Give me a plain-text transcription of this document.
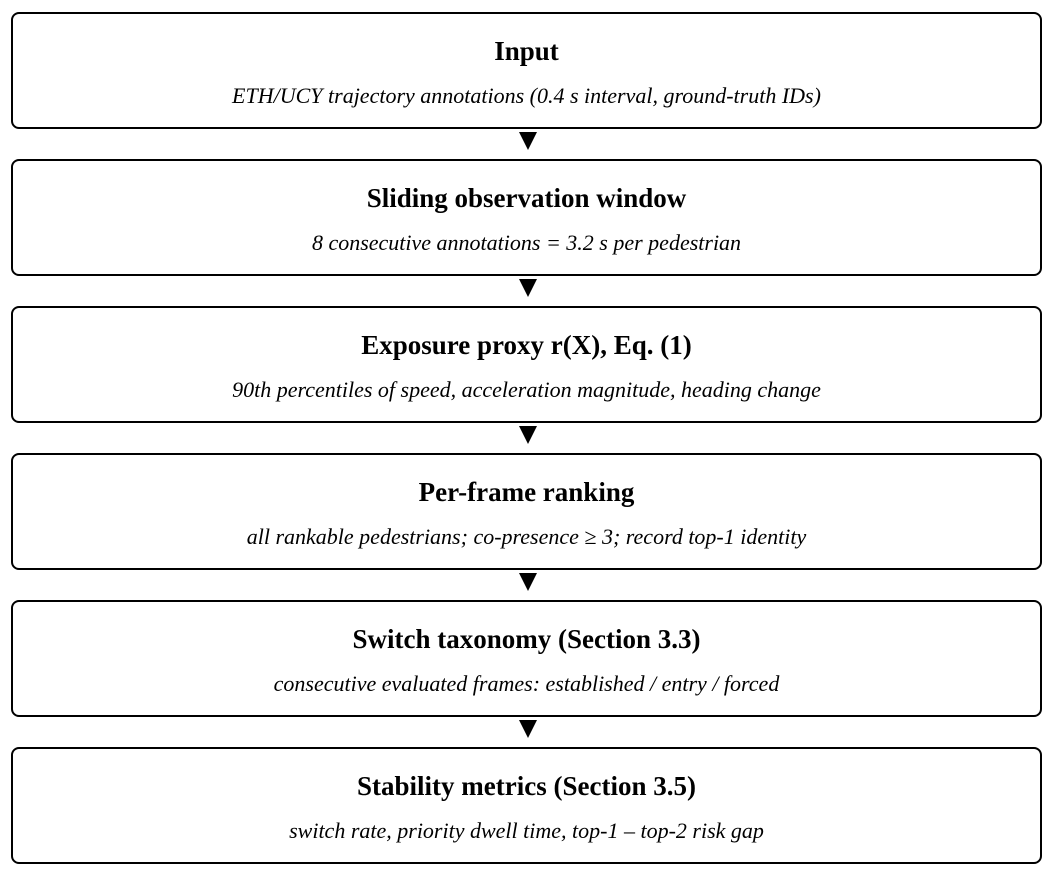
Input
ETH/UCY trajectory annotations (0.4 s interval, ground-truth IDs)
Sliding observation window
8 consecutive annotations = 3.2 s per pedestrian
Exposure proxy r(X), Eq. (1)
90th percentiles of speed, acceleration magnitude, heading change
Per-frame ranking
all rankable pedestrians; co-presence ≥ 3; record top-1 identity
Switch taxonomy (Section 3.3)
consecutive evaluated frames: established / entry / forced
Stability metrics (Section 3.5)
switch rate, priority dwell time, top-1 – top-2 risk gap
